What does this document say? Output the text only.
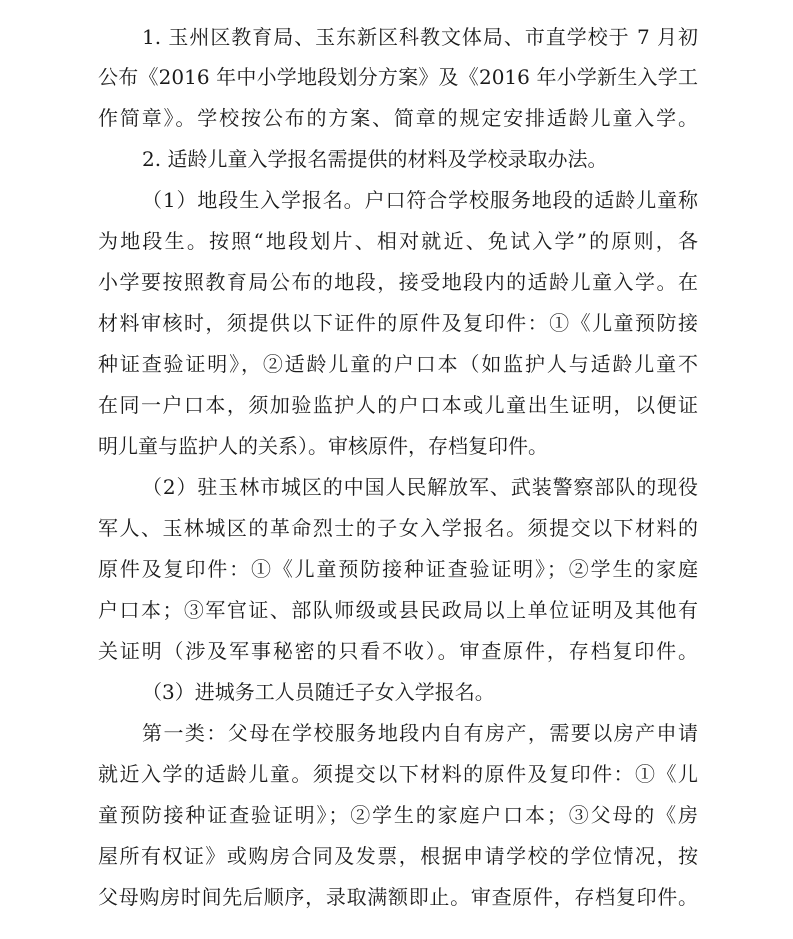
1. 玉州区教育局、玉东新区科教文体局、市直学校于 7 月初
公布《2016 年中小学地段划分方案》及《2016 年小学新生入学工
作简章》。学校按公布的方案、简章的规定安排适龄儿童入学。
2. 适龄儿童入学报名需提供的材料及学校录取办法。
（1）地段生入学报名。户口符合学校服务地段的适龄儿童称
为地段生。按照“地段划片、相对就近、免试入学”的原则，各
小学要按照教育局公布的地段，接受地段内的适龄儿童入学。在
材料审核时，须提供以下证件的原件及复印件：①《儿童预防接
种证查验证明》，②适龄儿童的户口本（如监护人与适龄儿童不
在同一户口本，须加验监护人的户口本或儿童出生证明，以便证
明儿童与监护人的关系）。审核原件，存档复印件。
（2）驻玉林市城区的中国人民解放军、武装警察部队的现役
军人、玉林城区的革命烈士的子女入学报名。须提交以下材料的
原件及复印件：①《儿童预防接种证查验证明》；②学生的家庭
户口本；③军官证、部队师级或县民政局以上单位证明及其他有
关证明（涉及军事秘密的只看不收）。审查原件，存档复印件。
（3）进城务工人员随迁子女入学报名。
第一类：父母在学校服务地段内自有房产，需要以房产申请
就近入学的适龄儿童。须提交以下材料的原件及复印件：①《儿
童预防接种证查验证明》；②学生的家庭户口本；③父母的《房
屋所有权证》或购房合同及发票，根据申请学校的学位情况，按
父母购房时间先后顺序，录取满额即止。审查原件，存档复印件。
